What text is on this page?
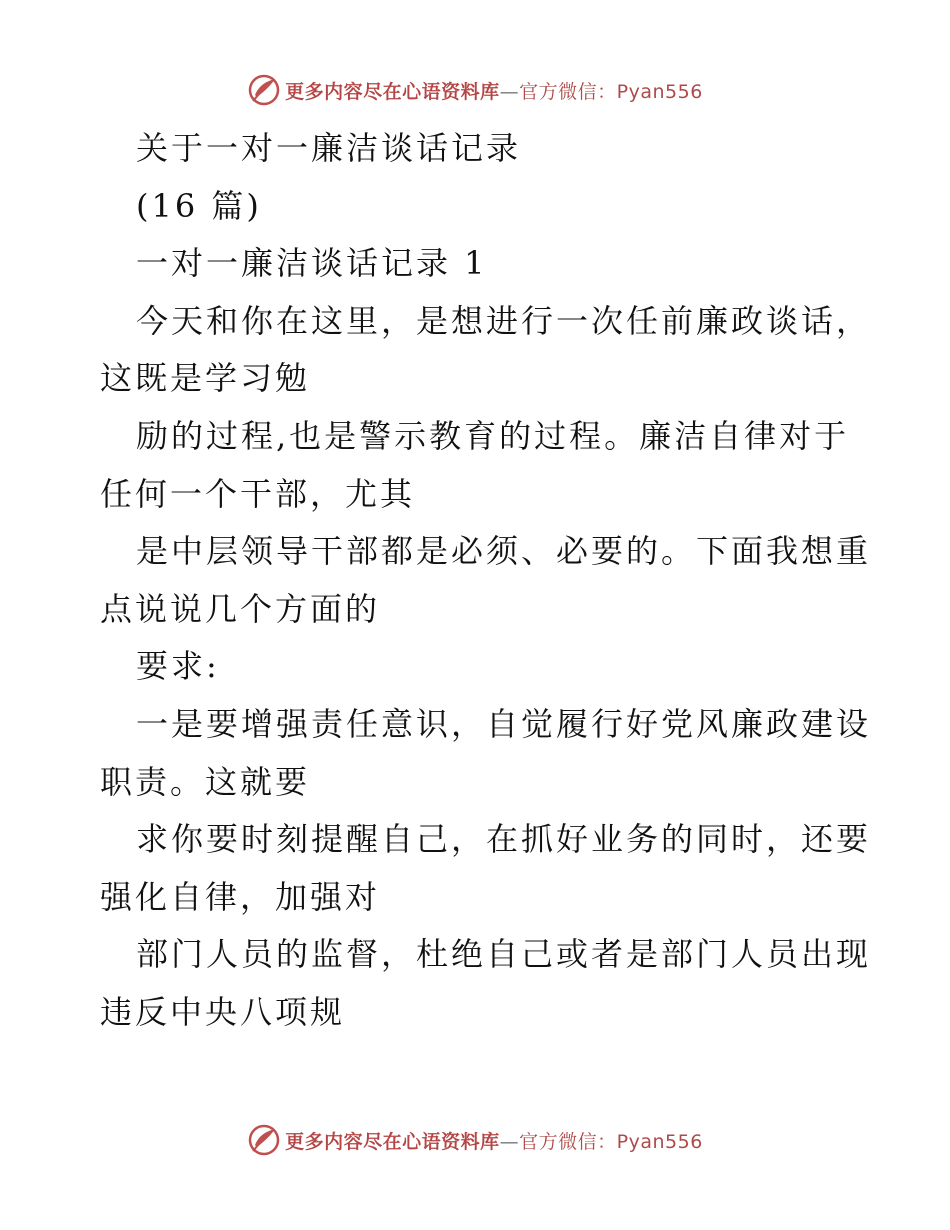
更多内容尽在心语资料库—官方微信：Pyan556
关于一对一廉洁谈话记录
(16 篇)
一对一廉洁谈话记录 1
今天和你在这里，是想进行一次任前廉政谈话，
这既是学习勉
励的过程,也是警示教育的过程。廉洁自律对于
任何一个干部，尤其
是中层领导干部都是必须、必要的。下面我想重
点说说几个方面的
要求:
一是要增强责任意识，自觉履行好党风廉政建设
职责。这就要
求你要时刻提醒自己，在抓好业务的同时，还要
强化自律，加强对
部门人员的监督，杜绝自己或者是部门人员出现
违反中央八项规
更多内容尽在心语资料库—官方微信：Pyan556
